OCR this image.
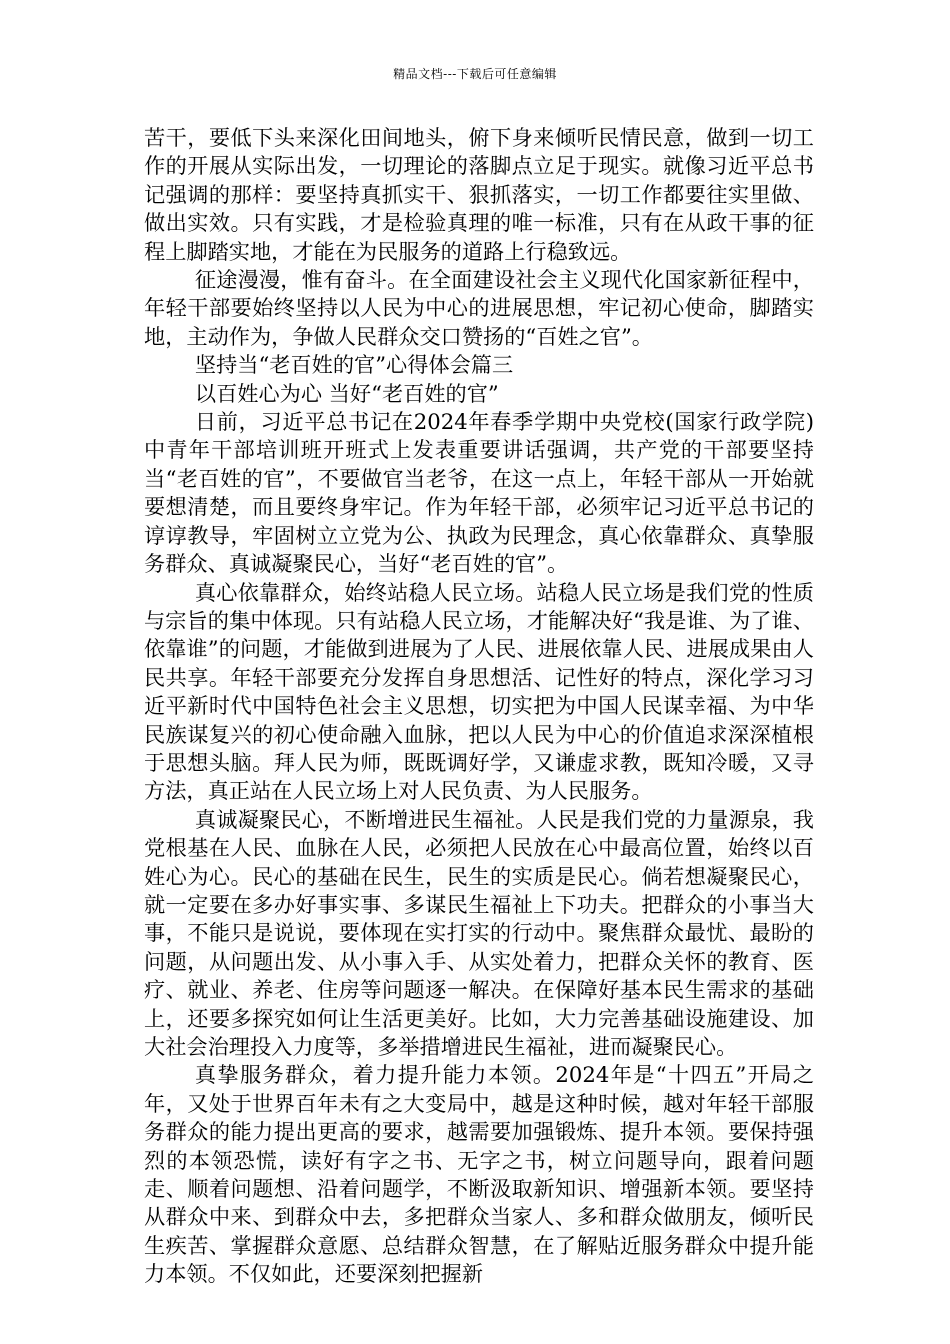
精品文档---下载后可任意编辑

苦干，要低下头来深化田间地头，俯下身来倾听民情民意，做到一切工作的开展从实际出发，一切理论的落脚点立足于现实。就像习近平总书记强调的那样：要坚持真抓实干、狠抓落实，一切工作都要往实里做、做出实效。只有实践，才是检验真理的唯一标准，只有在从政干事的征程上脚踏实地，才能在为民服务的道路上行稳致远。

征途漫漫，惟有奋斗。在全面建设社会主义现代化国家新征程中，年轻干部要始终坚持以人民为中心的进展思想，牢记初心使命，脚踏实地，主动作为，争做人民群众交口赞扬的“百姓之官”。

坚持当“老百姓的官”心得体会篇三

以百姓心为心 当好“老百姓的官”

日前，习近平总书记在2024年春季学期中央党校(国家行政学院)中青年干部培训班开班式上发表重要讲话强调，共产党的干部要坚持当“老百姓的官”，不要做官当老爷，在这一点上，年轻干部从一开始就要想清楚，而且要终身牢记。作为年轻干部，必须牢记习近平总书记的谆谆教导，牢固树立立党为公、执政为民理念，真心依靠群众、真挚服务群众、真诚凝聚民心，当好“老百姓的官”。

真心依靠群众，始终站稳人民立场。站稳人民立场是我们党的性质与宗旨的集中体现。只有站稳人民立场，才能解决好“我是谁、为了谁、依靠谁”的问题，才能做到进展为了人民、进展依靠人民、进展成果由人民共享。年轻干部要充分发挥自身思想活、记性好的特点，深化学习习近平新时代中国特色社会主义思想，切实把为中国人民谋幸福、为中华民族谋复兴的初心使命融入血脉，把以人民为中心的价值追求深深植根于思想头脑。拜人民为师，既既调好学，又谦虚求教，既知冷暖，又寻方法，真正站在人民立场上对人民负责、为人民服务。

真诚凝聚民心，不断增进民生福祉。人民是我们党的力量源泉，我党根基在人民、血脉在人民，必须把人民放在心中最高位置，始终以百姓心为心。民心的基础在民生，民生的实质是民心。倘若想凝聚民心，就一定要在多办好事实事、多谋民生福祉上下功夫。把群众的小事当大事，不能只是说说，要体现在实打实的行动中。聚焦群众最忧、最盼的问题，从问题出发、从小事入手、从实处着力，把群众关怀的教育、医疗、就业、养老、住房等问题逐一解决。在保障好基本民生需求的基础上，还要多探究如何让生活更美好。比如，大力完善基础设施建设、加大社会治理投入力度等，多举措增进民生福祉，进而凝聚民心。

真挚服务群众，着力提升能力本领。2024年是“十四五”开局之年，又处于世界百年未有之大变局中，越是这种时候，越对年轻干部服务群众的能力提出更高的要求，越需要加强锻炼、提升本领。要保持强烈的本领恐慌，读好有字之书、无字之书，树立问题导向，跟着问题走、顺着问题想、沿着问题学，不断汲取新知识、增强新本领。要坚持从群众中来、到群众中去，多把群众当家人、多和群众做朋友，倾听民生疾苦、掌握群众意愿、总结群众智慧，在了解贴近服务群众中提升能力本领。不仅如此，还要深刻把握新
